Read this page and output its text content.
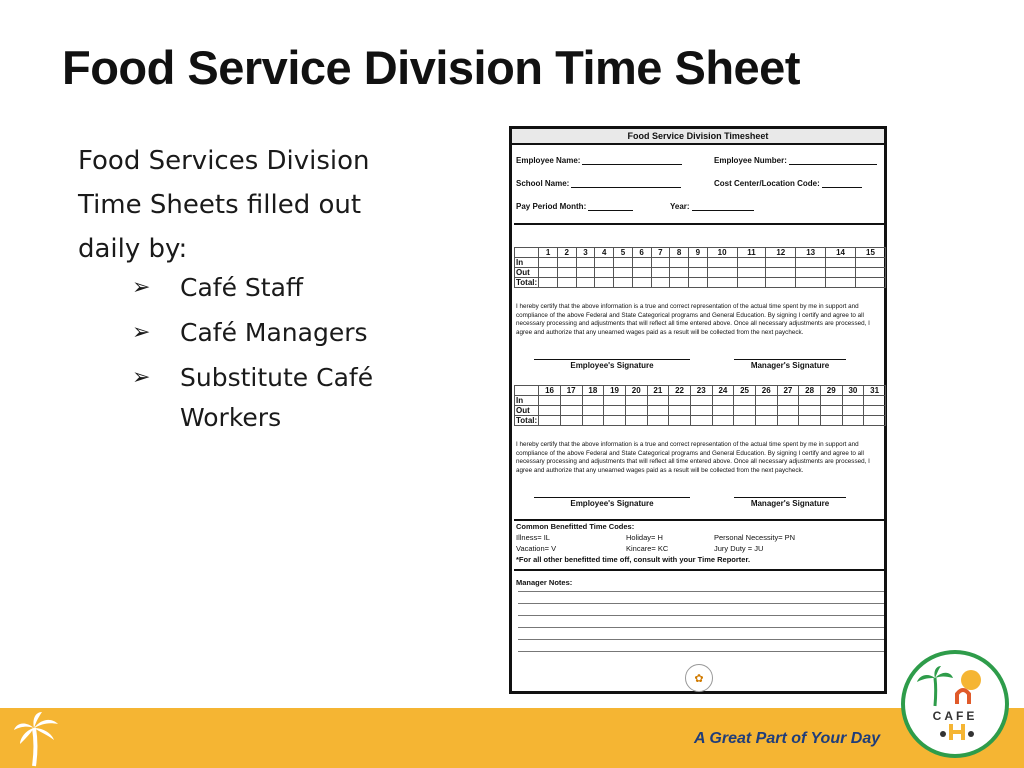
Food Service Division Time Sheet
Food Services Division
Time Sheets filled out
daily by:
➢ Café Staff
➢ Café Managers
➢ Substitute Café Workers
Food Service Division Timesheet
Employee Name:	Employee Number:
School Name:	Cost Center/Location Code:
Pay Period Month:	Year:
	1	2	3	4	5	6	7	8	9	10	11	12	13	14	15
In															
Out															
Total:															
I hereby certify that the above information is a true and correct representation of the actual time spent by me in support and compliance of the above Federal and State Categorical programs and General Education. By signing I certify and agree to all necessary processing and adjustments that will reflect all time entered above. Once all necessary adjustments are processed, I agree and authorize that any unearned wages paid as a result will be collected from the next paycheck.
Employee's Signature	Manager's Signature
	16	17	18	19	20	21	22	23	24	25	26	27	28	29	30	31
In																
Out																
Total:																
I hereby certify that the above information is a true and correct representation of the actual time spent by me in support and compliance of the above Federal and State Categorical programs and General Education. By signing I certify and agree to all necessary processing and adjustments that will reflect all time entered above. Once all necessary adjustments are processed, I agree and authorize that any unearned wages paid as a result will be collected from the next paycheck.
Employee's Signature	Manager's Signature
Common Benefitted Time Codes:
Illness= IL	Holiday= H	Personal Necessity= PN
Vacation= V	Kincare= KC	Jury Duty = JU
*For all other benefitted time off, consult with your Time Reporter.
Manager Notes:
✿
A Great Part of Your Day
CAFE
